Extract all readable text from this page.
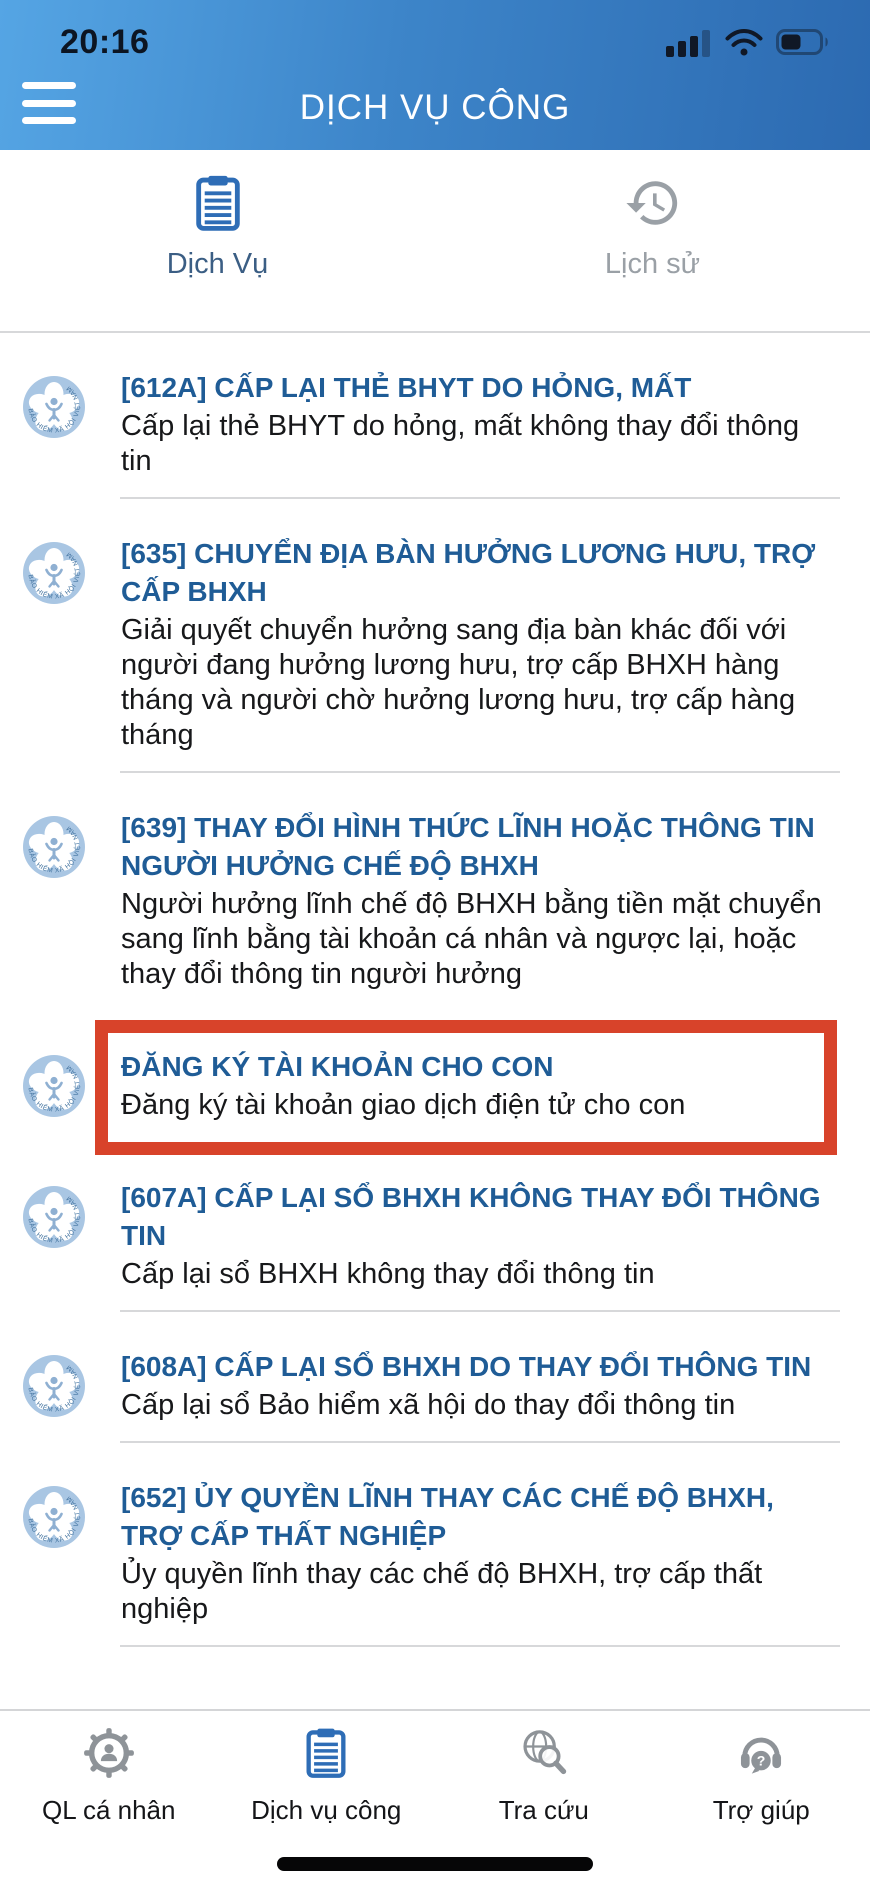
20:16
DỊCH VỤ CÔNG
Dịch Vụ	Lịch sử
[612A] CẤP LẠI THẺ BHYT DO HỎNG, MẤT

Cấp lại thẻ BHYT do hỏng, mất không thay đổi thông tin

[635] CHUYỂN ĐỊA BÀN HƯỞNG LƯƠNG HƯU, TRỢ CẤP BHXH

Giải quyết chuyển hưởng sang địa bàn khác đối với người đang hưởng lương hưu, trợ cấp BHXH hàng tháng và người chờ hưởng lương hưu, trợ cấp hàng tháng

[639] THAY ĐỔI HÌNH THỨC LĨNH HOẶC THÔNG TIN NGƯỜI HƯỞNG CHẾ ĐỘ BHXH

Người hưởng lĩnh chế độ BHXH bằng tiền mặt chuyển sang lĩnh bằng tài khoản cá nhân và ngược lại, hoặc thay đổi thông tin người hưởng

ĐĂNG KÝ TÀI KHOẢN CHO CON

Đăng ký tài khoản giao dịch điện tử cho con

[607A] CẤP LẠI SỔ BHXH KHÔNG THAY ĐỔI THÔNG TIN

Cấp lại sổ BHXH không thay đổi thông tin

[608A] CẤP LẠI SỔ BHXH DO THAY ĐỔI THÔNG TIN

Cấp lại sổ Bảo hiểm xã hội do thay đổi thông tin

[652] ỦY QUYỀN LĨNH THAY CÁC CHẾ ĐỘ BHXH, TRỢ CẤP THẤT NGHIỆP

Ủy quyền lĩnh thay các chế độ BHXH, trợ cấp thất nghiệp

QL cá nhân	Dịch vụ công	Tra cứu	Trợ giúp
